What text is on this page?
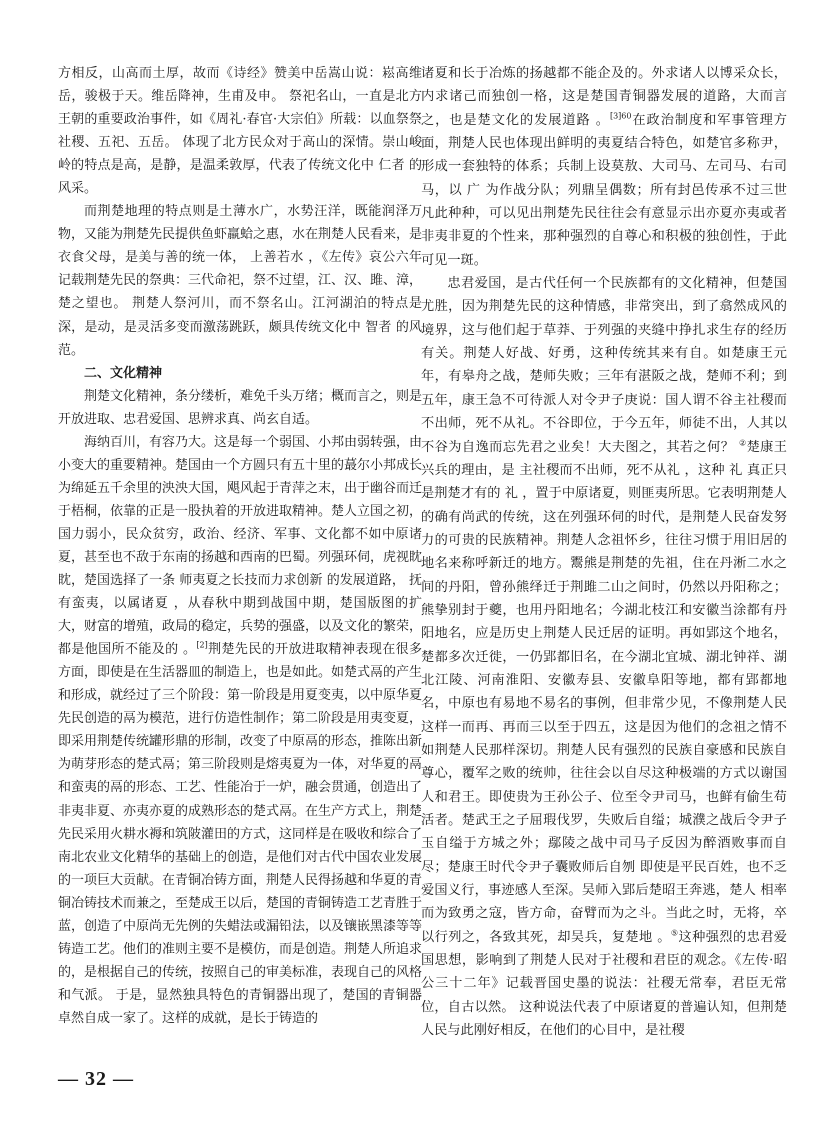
方相反，山高而土厚，故而《诗经》赞美中岳嵩山说：崧高维岳，骏极于天。维岳降神，生甫及申。 祭祀名山，一直是北方王朝的重要政治事件，如《周礼·春官·大宗伯》所载：以血祭祭社稷、五祀、五岳。 体现了北方民众对于高山的深情。崇山峻岭的特点是高，是静，是温柔敦厚，代表了传统文化中 仁者 的风采。

而荆楚地理的特点则是土薄水广，水势汪洋，既能润泽万物，又能为荆楚先民提供鱼虾羸蛤之惠，水在荆楚人民看来，是衣食父母，是美与善的统一体， 上善若水 ，《左传》哀公六年记载荆楚先民的祭典：三代命祀，祭不过望，江、汉、雎、漳，楚之望也。 荆楚人祭河川，而不祭名山。江河湖泊的特点是深，是动，是灵活多变而激荡跳跃，颇具传统文化中 智者 的风范。

二、文化精神

荆楚文化精神，条分缕析，难免千头万绪；概而言之，则是开放进取、忠君爱国、思辨求真、尚玄自适。

海纳百川，有容乃大。这是每一个弱国、小邦由弱转强，由小变大的重要精神。楚国由一个方圆只有五十里的蕞尔小邦成长为绵延五千余里的泱泱大国，飓风起于青萍之末，出于幽谷而迁于梧桐，依靠的正是一股执着的开放进取精神。楚人立国之初，国力弱小，民众贫穷，政治、经济、军事、文化都不如中原诸夏，甚至也不敌于东南的扬越和西南的巴蜀。列强环伺，虎视眈眈，楚国选择了一条 师夷夏之长技而力求创新 的发展道路， 抚有蛮夷，以属诸夏 ，从春秋中期到战国中期，楚国版图的扩大，财富的增殖，政局的稳定，兵势的强盛，以及文化的繁荣，都是他国所不能及的 。[2]荆楚先民的开放进取精神表现在很多方面，即使是在生活器皿的制造上，也是如此。如楚式鬲的产生和形成，就经过了三个阶段：第一阶段是用夏变夷，以中原华夏先民创造的鬲为模范，进行仿造性制作；第二阶段是用夷变夏，即采用荆楚传统罐形鼎的形制，改变了中原鬲的形态，推陈出新为萌芽形态的楚式鬲；第三阶段则是熔夷夏为一体，对华夏的鬲和蛮夷的鬲的形态、工艺、性能冶于一炉，融会贯通，创造出了非夷非夏、亦夷亦夏的成熟形态的楚式鬲。在生产方式上，荆楚先民采用火耕水褥和筑陂灌田的方式，这同样是在吸收和综合了南北农业文化精华的基础上的创造，是他们对古代中国农业发展的一项巨大贡献。在青铜冶铸方面，荆楚人民得扬越和华夏的青铜冶铸技术而兼之，至楚成王以后，楚国的青铜铸造工艺青胜于蓝，创造了中原尚无先例的失蜡法或漏铅法，以及镶嵌黑漆等等铸造工艺。他们的准则主要不是模仿，而是创造。荆楚人所追求的，是根据自己的传统，按照自己的审美标准，表现自己的风格和气派。 于是，显然独具特色的青铜器出现了，楚国的青铜器卓然自成一家了。这样的成就，是长于铸造的

诸夏和长于冶炼的扬越都不能企及的。外求诸人以博采众长，内求诸己而独创一格，这是楚国青铜器发展的道路，大而言之，也是楚文化的发展道路 。$^{[3]60}$在政治制度和军事管理方面，荆楚人民也体现出鲜明的夷夏结合特色，如楚官多称尹，形成一套独特的体系；兵制上设莫敖、大司马、左司马、右司马，以 广 为作战分队；列鼎呈偶数；所有封邑传承不过三世 凡此种种，可以见出荆楚先民往往会有意显示出亦夏亦夷或者非夷非夏的个性来，那种强烈的自尊心和积极的独创性，于此可见一斑。

忠君爱国，是古代任何一个民族都有的文化精神，但楚国尤胜，因为荆楚先民的这种情感，非常突出，到了翕然成风的境界，这与他们起于草莽、于列强的夹缝中挣扎求生存的经历有关。荆楚人好战、好勇，这种传统其来有自。如楚康王元年，有皋舟之战，楚师失败；三年有湛阪之战，楚师不利；到五年，康王急不可待派人对令尹子庚说：国人谓不谷主社稷而不出师，死不从礼。不谷即位，于今五年，师徒不出，人其以不谷为自逸而忘先君之业矣！大夫图之，其若之何？ ②楚康王兴兵的理由，是 主社稷而不出师，死不从礼 ，这种 礼 真正只是荆楚才有的 礼 ，置于中原诸夏，则匪夷所思。它表明荆楚人的确有尚武的传统，这在列强环伺的时代，是荆楚人民奋发努力的可贵的民族精神。荆楚人念祖怀乡，往往习惯于用旧居的地名来称呼新迁的地方。鬻熊是荆楚的先祖，住在丹淅二水之间的丹阳，曾孙熊绎迁于荆雎二山之间时，仍然以丹阳称之；熊挚别封于夔，也用丹阳地名；今湖北枝江和安徽当涂都有丹阳地名，应是历史上荆楚人民迁居的证明。再如郢这个地名，楚都多次迁徙，一仍郢都旧名，在今湖北宜城、湖北钟祥、湖北江陵、河南淮阳、安徽寿县、安徽阜阳等地，都有郢都地名，中原也有易地不易名的事例，但非常少见，不像荆楚人民这样一而再、再而三以至于四五，这是因为他们的念祖之情不如荆楚人民那样深切。荆楚人民有强烈的民族自豪感和民族自尊心，覆军之败的统帅，往往会以自尽这种极端的方式以谢国人和君王。即使贵为王孙公子、位至令尹司马，也鲜有偷生苟活者。楚武王之子屈瑕伐罗，失败后自缢；城濮之战后令尹子玉自缢于方城之外；鄢陵之战中司马子反因为醉酒败事而自尽；楚康王时代令尹子囊败师后自刎 即使是平民百姓，也不乏爱国义行，事迹感人至深。吴师入郢后楚昭王奔逃，楚人 相率而为致勇之寇，皆方命，奋臂而为之斗。当此之时，无将，卒以行列之，各致其死，却吴兵，复楚地 。⑤这种强烈的忠君爱国思想，影响到了荆楚人民对于社稷和君臣的观念。《左传·昭公三十二年》记载晋国史墨的说法：社稷无常奉，君臣无常位，自古以然。 这种说法代表了中原诸夏的普遍认知，但荆楚人民与此刚好相反，在他们的心目中，是社稷

— 32 —
